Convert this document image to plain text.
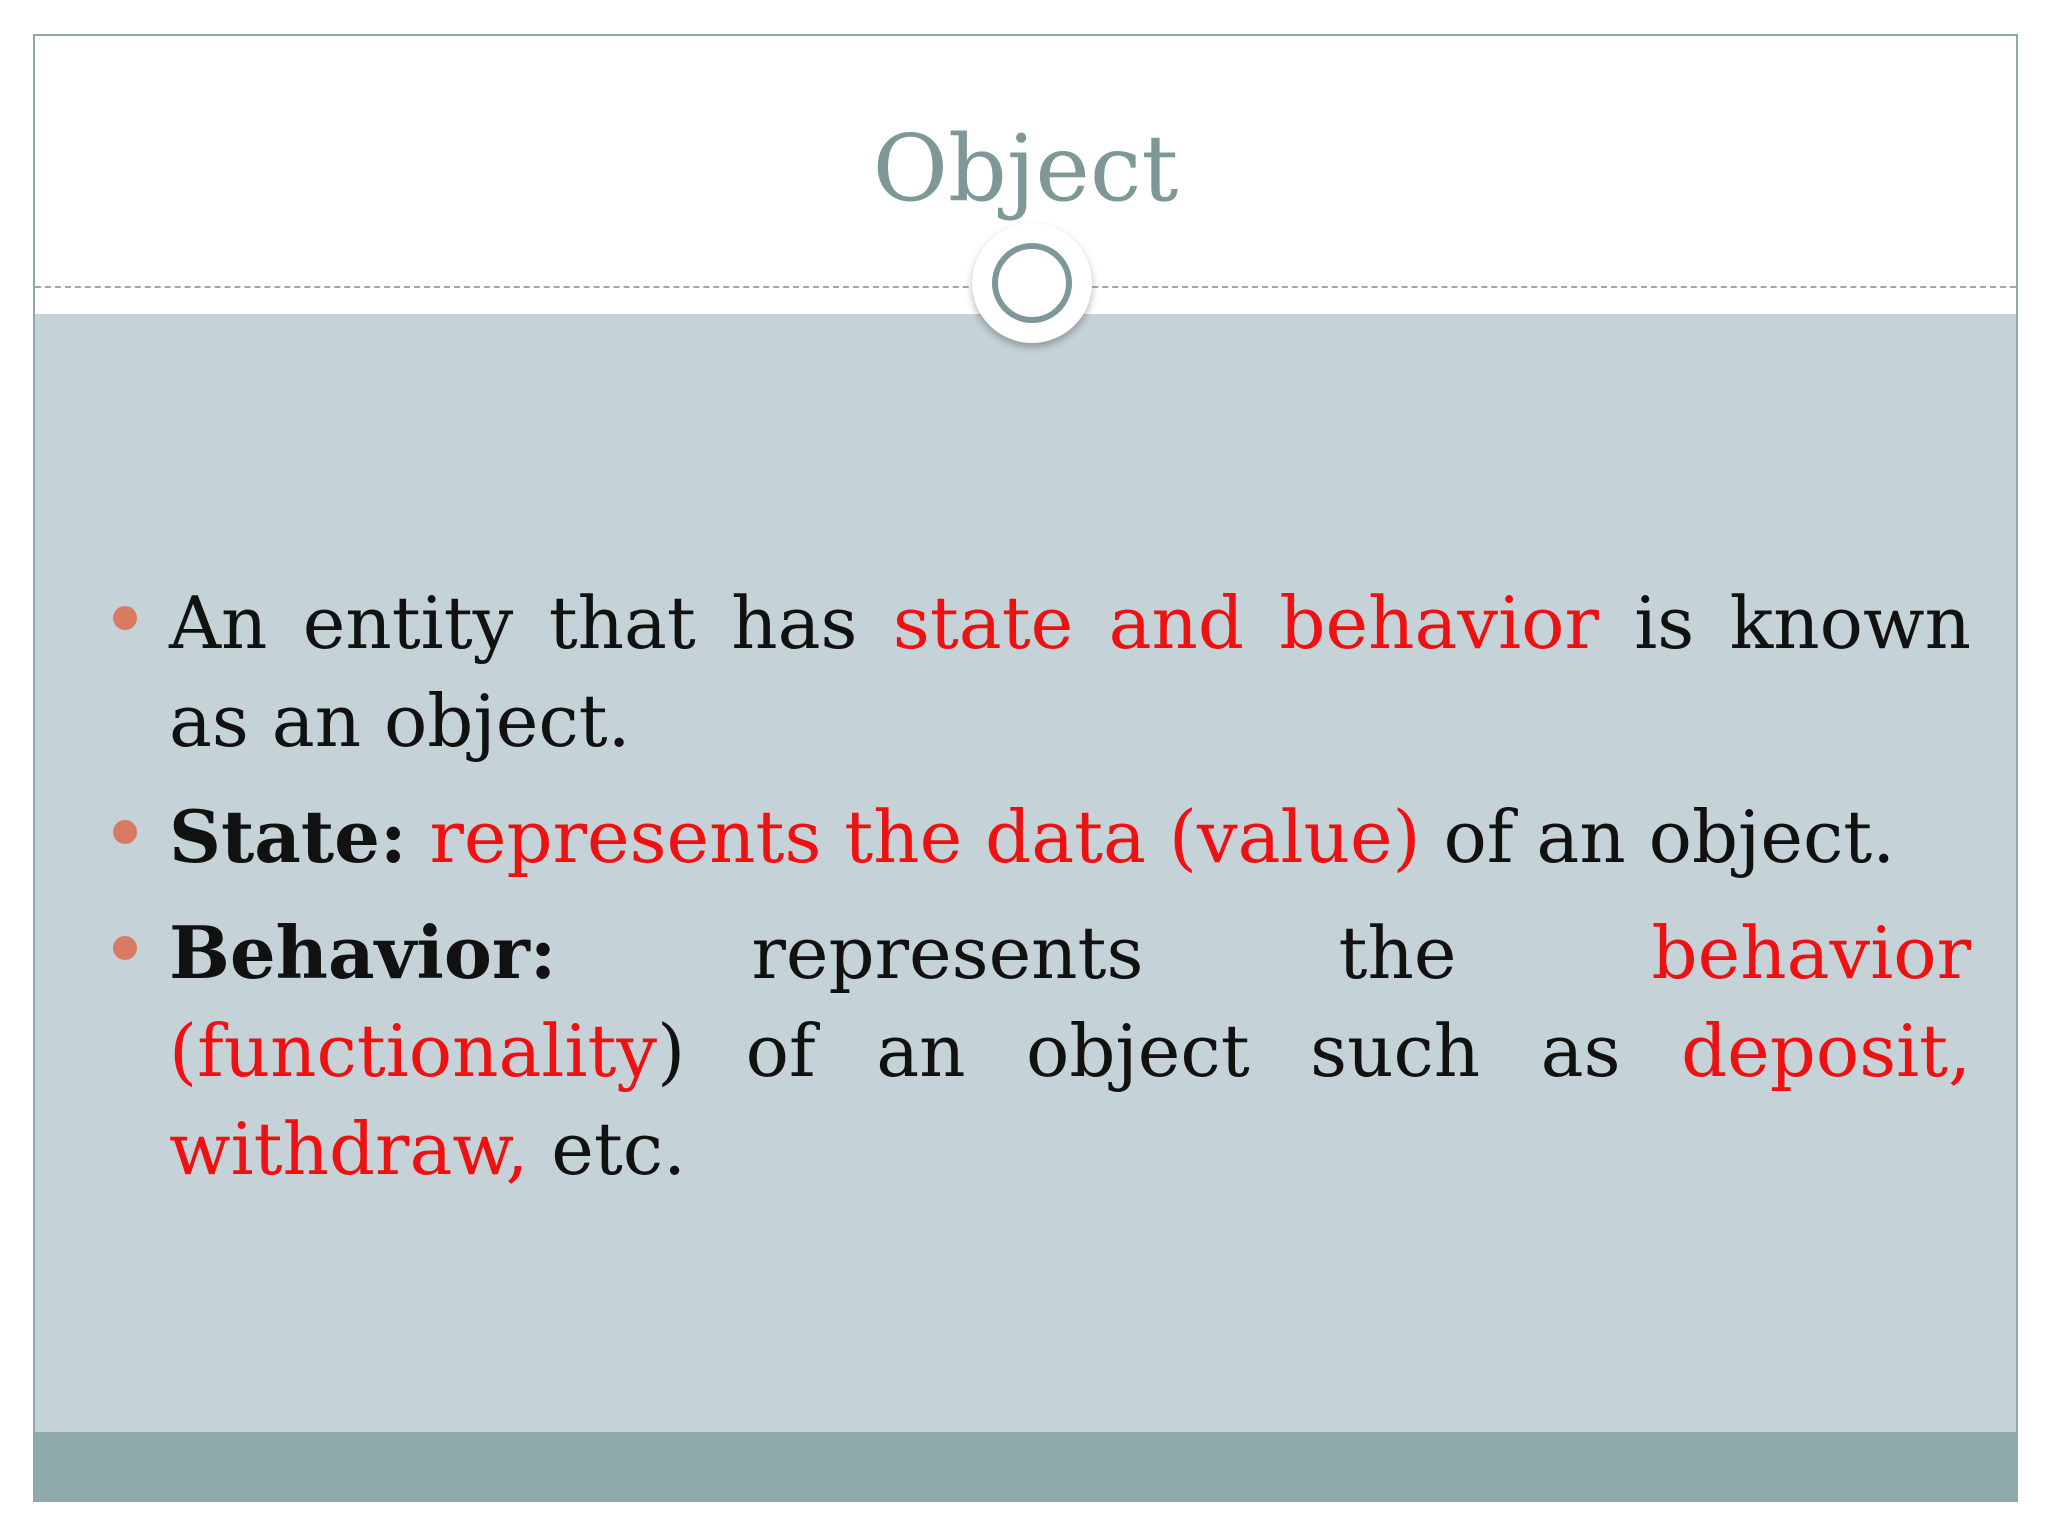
Object
An entity that has state and behavior is known as an object.
State: represents the data (value) of an object.
Behavior: represents the behavior (functionality) of an object such as deposit, withdraw, etc.
